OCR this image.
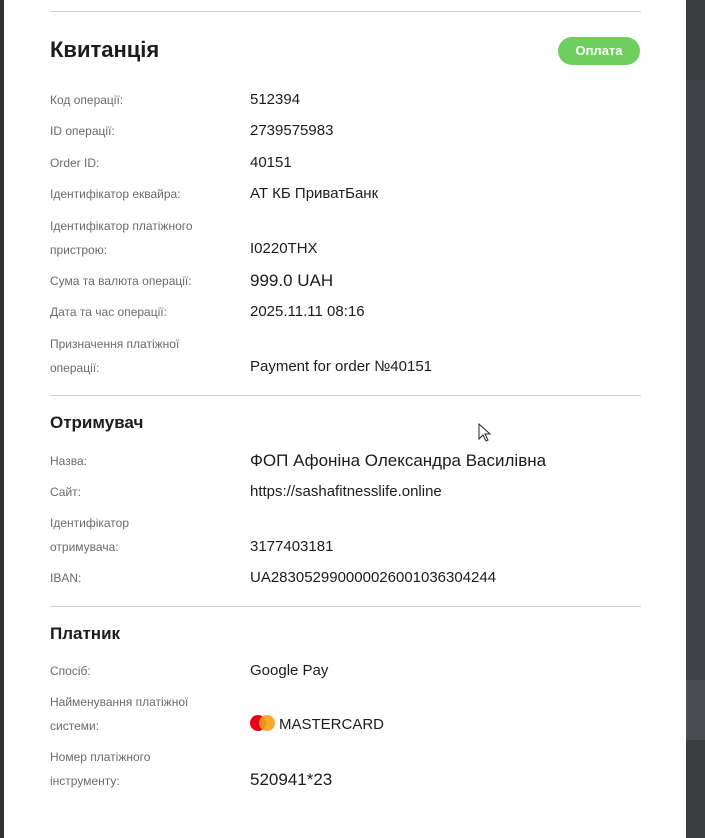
Квитанція	Оплата
Код операції:	512394
ID операції:	2739575983
Order ID:	40151
Ідентифікатор еквайра:	АТ КБ ПриватБанк
Ідентифікатор платіжного
пристрою:	I0220THX
Сума та валюта операції:	999.0 UAH
Дата та час операції:	2025.11.11 08:16
Призначення платіжної
операції:	Payment for order №40151
Отримувач
Назва:	ФОП Афоніна Олександра Василівна
Сайт:	https://sashafitnesslife.online
Ідентифікатор
отримувача:	3177403181
IBAN:	UA283052990000026001036304244
Платник
Спосіб:	Google Pay
Найменування платіжної
системи:	MASTERCARD
Номер платіжного
інструменту:	520941*23
